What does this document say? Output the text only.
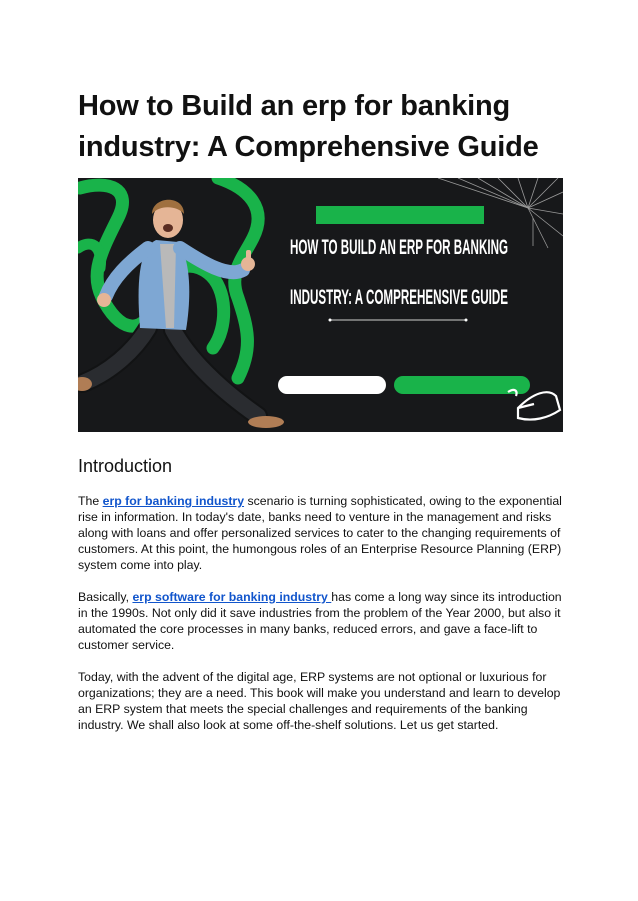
How to Build an erp for banking industry: A Comprehensive Guide
HOW TO BUILD AN ERP FOR BANKING
INDUSTRY: A COMPREHENSIVE GUIDE
Introduction

The erp for banking industry scenario is turning sophisticated, owing to the exponential rise in information. In today's date, banks need to venture in the management and risks along with loans and offer personalized services to cater to the changing requirements of customers. At this point, the humongous roles of an Enterprise Resource Planning (ERP) system come into play.

Basically, erp software for banking industry has come a long way since its introduction in the 1990s. Not only did it save industries from the problem of the Year 2000, but also it automated the core processes in many banks, reduced errors, and gave a face-lift to customer service.

Today, with the advent of the digital age, ERP systems are not optional or luxurious for organizations; they are a need. This book will make you understand and learn to develop an ERP system that meets the special challenges and requirements of the banking industry. We shall also look at some off-the-shelf solutions. Let us get started.
